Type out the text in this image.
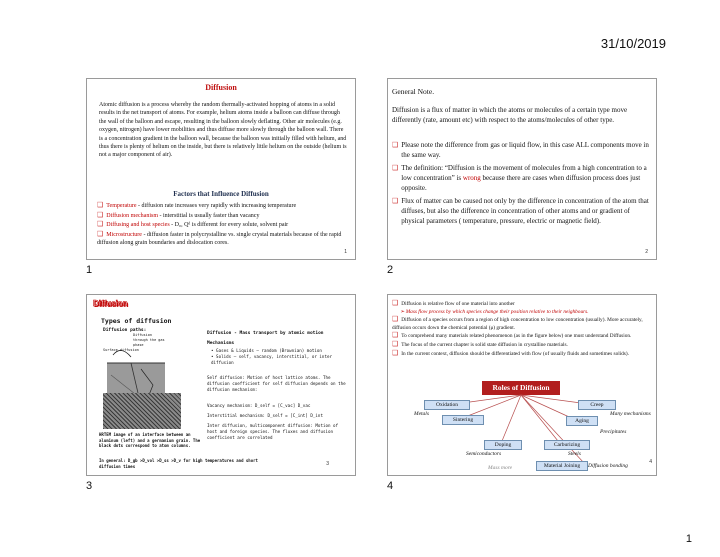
31/10/2019
Diffusion
Atomic diffusion is a process whereby the random thermally-activated hopping of atoms in a solid results in the net transport of atoms. For example, helium atoms inside a balloon can diffuse through the wall of the balloon and escape, resulting in the balloon slowly deflating. Other air molecules (e.g. oxygen, nitrogen) have lower mobilities and thus diffuse more slowly through the balloon wall. There is a concentration gradient in the balloon wall, because the balloon was initially filled with helium, and thus there is plenty of helium on the inside, but there is relatively little helium on the outside (helium is not a major component of air).
Factors that Influence Diffusion
❑ Temperature - diffusion rate increases very rapidly with increasing temperature
❑ Diffusion mechanism - interstitial is usually faster than vacancy
❑ Diffusing and host species - D₀, Qᵈ is different for every solute, solvent pair
❑ Microstructure - diffusion faster in polycrystalline vs. single crystal materials because of the rapid diffusion along grain boundaries and dislocation cores.
1
1
General Note.
Diffusion is a flux of matter in which the atoms or molecules of a certain type move differently (rate, amount etc) with respect to the atoms/molecules of other type.
❑ Please note the difference from gas or liquid flow, in this case ALL components move in the same way.
❑ The definition: “Diffusion is the movement of molecules from a high concentration to a low concentration” is wrong because there are cases when diffusion process does just opposite.
❑ Flux of matter can be caused not only by the difference in concentration of the atom that diffuses, but also the difference in concentration of other atoms and or gradient of physical parameters ( temperature, pressure, electric or magnetic field).
2
2
Diffusion
Types of diffusion
Diffusion paths:
Diffusion through the gas phase
Surface diffusion
Diffusion - Mass transport by atomic motion
Mechanisms
• Gases & Liquids – random (Brownian) motion
• Solids – self, vacancy, interstitial, or inter diffusion
Self diffusion: Motion of host lattice atoms. The diffusion coefficient for self diffusion depends on the diffusion mechanism:
Vacancy mechanism: D_self = [C_vac] D_vac
Interstitial mechanism: D_self = [C_int] D_int
Inter diffusion, multicomponent diffusion: Motion of host and foreign species. The fluxes and diffusion coefficient are correlated
HRTEM image of an interface between an aluminum (left) and a germanium grain. The black dots correspond to atom columns.
In general: D_gb >D_vol >D_ss >D_v for high temperatures and short diffusion times	3
3
❑ Diffusion is relative flow of one material into another
➢ Mass flow process by which species change their position relative to their neighbours.
❑ Diffusion of a species occurs from a region of high concentration to low concentration (usually). More accurately, diffusion occurs down the chemical potential (μ) gradient.
❑ To comprehend many materials related phenomenon (as in the figure below) one must understand Diffusion.
❑ The focus of the current chapter is solid state diffusion in crystalline materials.
❑ In the current context, diffusion should be differentiated with flow (of usually fluids and sometimes solids).
Roles of Diffusion
Oxidation	Creep
Sintering	Aging
Doping	Carburizing
Material Joining
Metals	Many mechanisms
Precipitates
Semiconductors	Steels
Mass more	Diffusion bonding
4
4
1
